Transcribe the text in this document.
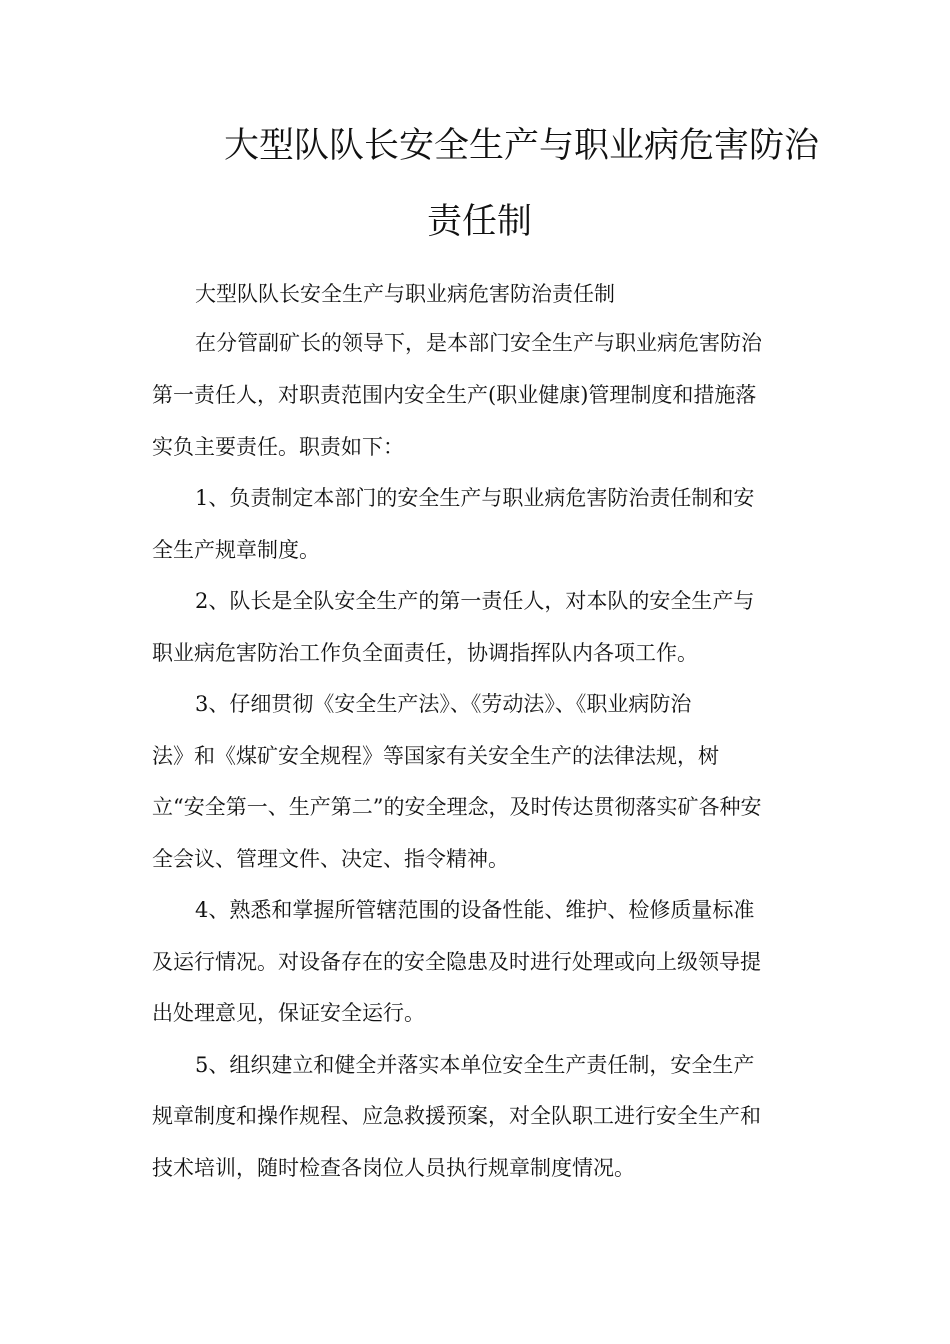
大型队队长安全生产与职业病危害防治
责任制
大型队队长安全生产与职业病危害防治责任制
在分管副矿长的领导下，是本部门安全生产与职业病危害防治
第一责任人，对职责范围内安全生产(职业健康)管理制度和措施落
实负主要责任。职责如下：
1、负责制定本部门的安全生产与职业病危害防治责任制和安
全生产规章制度。
2、队长是全队安全生产的第一责任人，对本队的安全生产与
职业病危害防治工作负全面责任，协调指挥队内各项工作。
3、仔细贯彻《安全生产法》、《劳动法》、《职业病防治
法》和《煤矿安全规程》等国家有关安全生产的法律法规，树
立“安全第一、生产第二”的安全理念，及时传达贯彻落实矿各种安
全会议、管理文件、决定、指令精神。
4、熟悉和掌握所管辖范围的设备性能、维护、检修质量标准
及运行情况。对设备存在的安全隐患及时进行处理或向上级领导提
出处理意见，保证安全运行。
5、组织建立和健全并落实本单位安全生产责任制，安全生产
规章制度和操作规程、应急救援预案，对全队职工进行安全生产和
技术培训，随时检查各岗位人员执行规章制度情况。
